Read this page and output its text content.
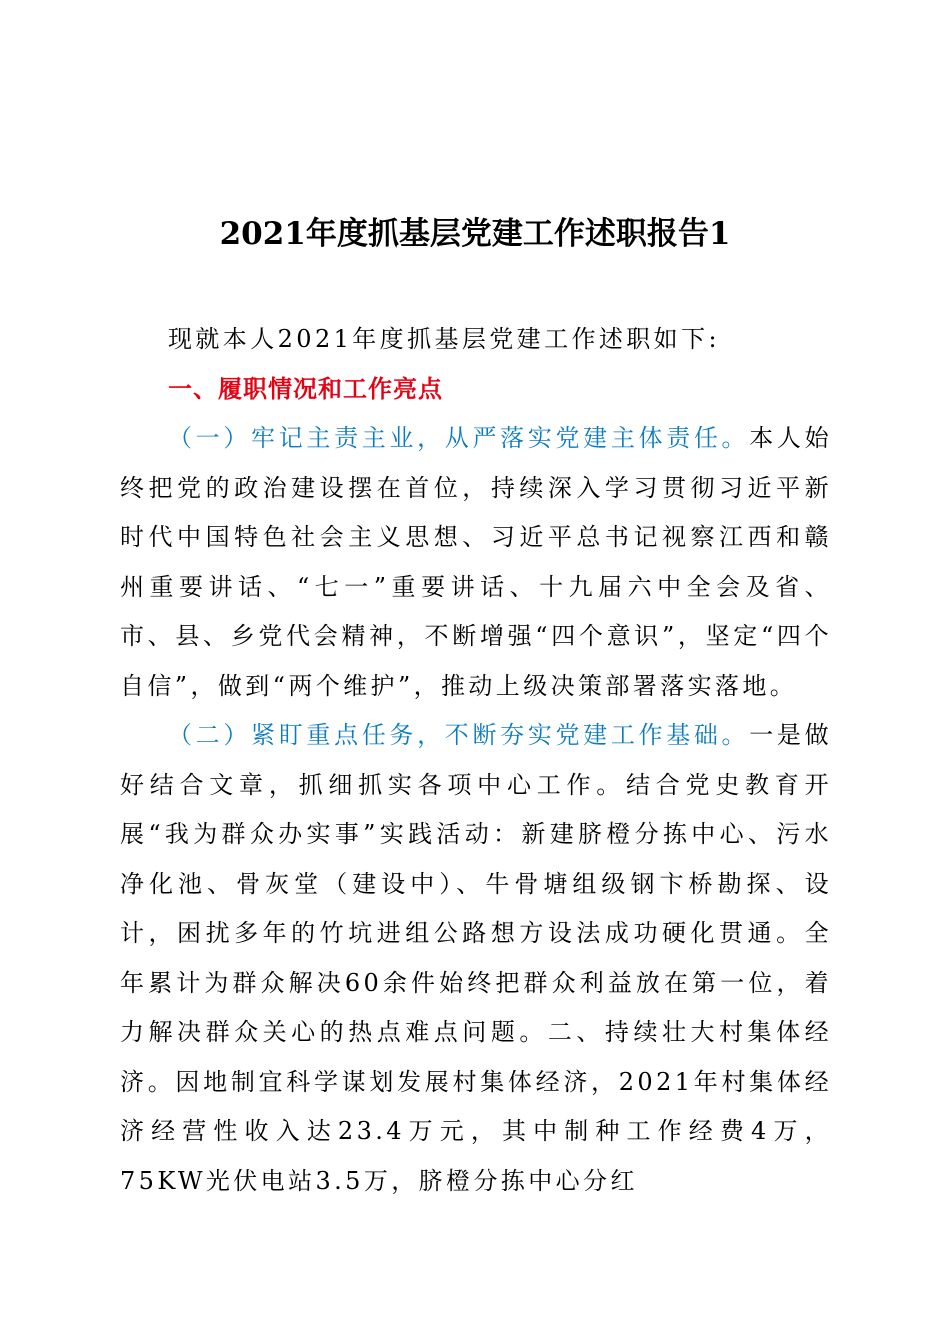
2021年度抓基层党建工作述职报告1

现就本人2021年度抓基层党建工作述职如下:

一、履职情况和工作亮点

（一）牢记主责主业，从严落实党建主体责任。本人始终把党的政治建设摆在首位，持续深入学习贯彻习近平新时代中国特色社会主义思想、习近平总书记视察江西和赣州重要讲话、“七一”重要讲话、十九届六中全会及省、市、县、乡党代会精神，不断增强“四个意识”，坚定“四个自信”，做到“两个维护”，推动上级决策部署落实落地。

（二）紧盯重点任务，不断夯实党建工作基础。一是做好结合文章，抓细抓实各项中心工作。结合党史教育开展“我为群众办实事”实践活动：新建脐橙分拣中心、污水净化池、骨灰堂（建设中）、牛骨塘组级钢卞桥勘探、设计，困扰多年的竹坑进组公路想方设法成功硬化贯通。全年累计为群众解决60余件始终把群众利益放在第一位，着力解决群众关心的热点难点问题。二、持续壮大村集体经济。因地制宜科学谋划发展村集体经济，2021年村集体经济经营性收入达23.4万元，其中制种工作经费4万，75KW光伏电站3.5万，脐橙分拣中心分红
